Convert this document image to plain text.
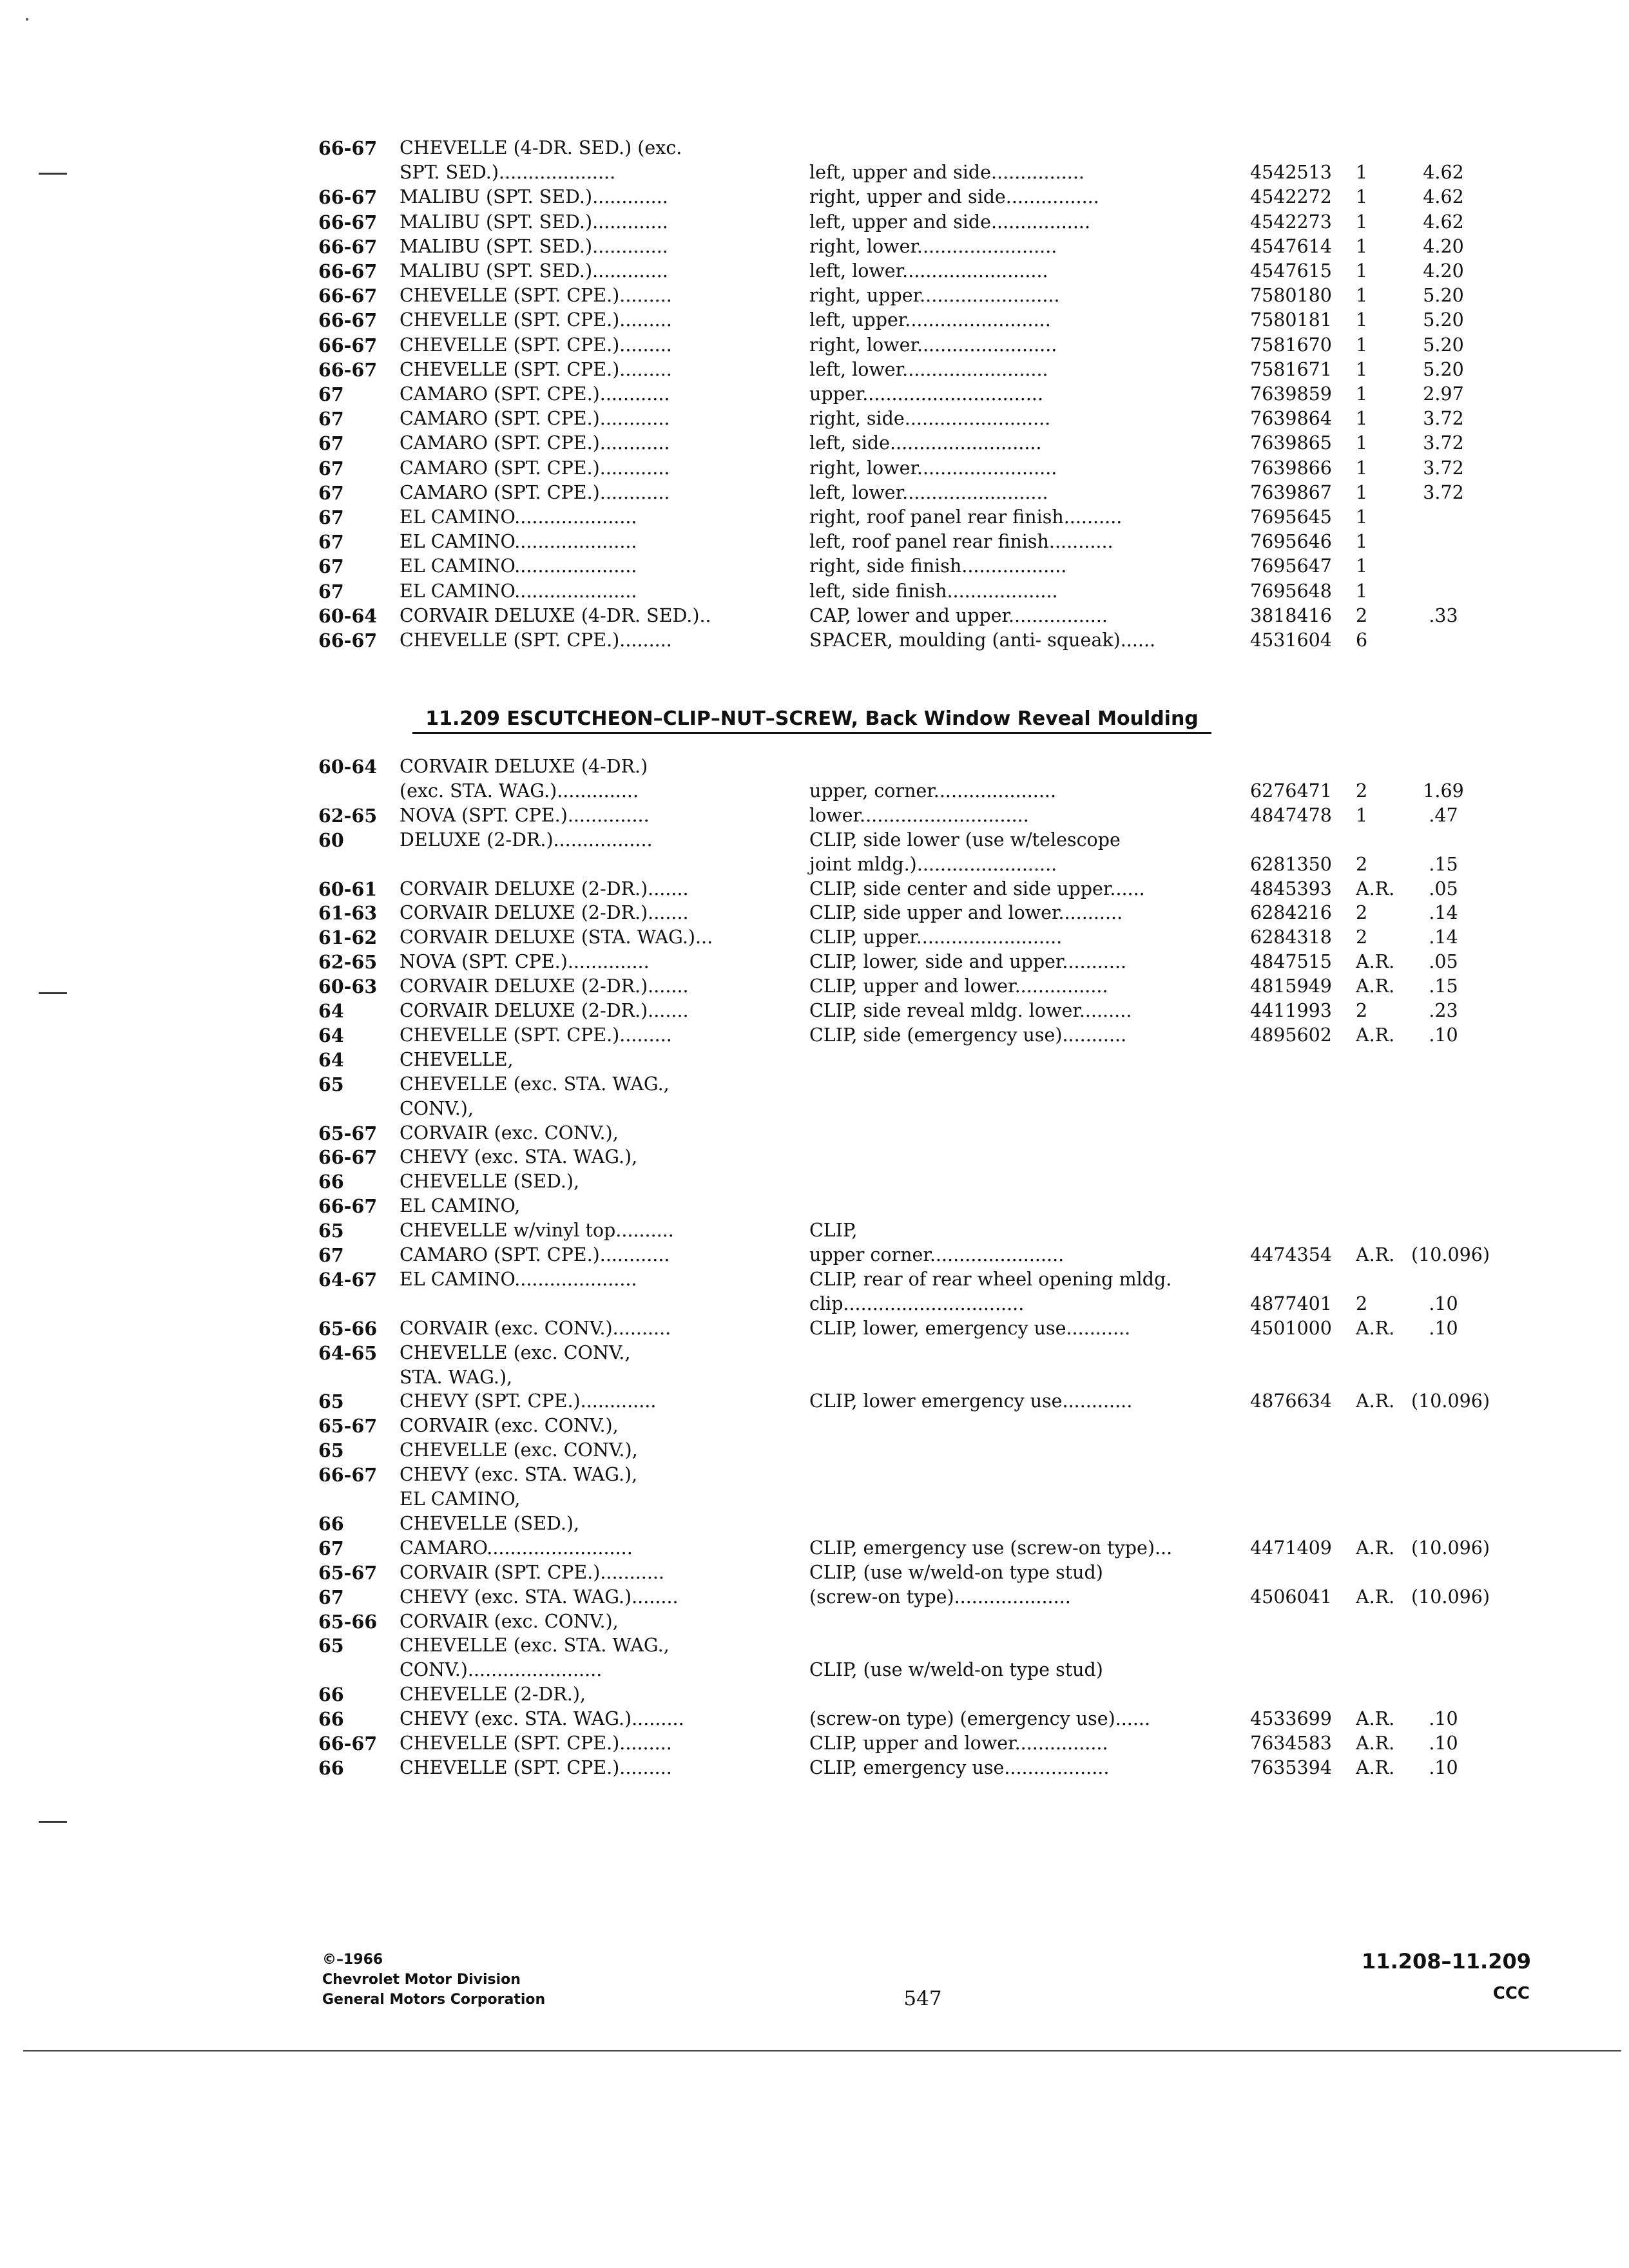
66-67	CHEVELLE (4-DR. SED.) (exc.
SPT. SED.)....................	left, upper and side................	4542513	1	4.62
66-67	MALIBU (SPT. SED.).............	right, upper and side................	4542272	1	4.62
66-67	MALIBU (SPT. SED.).............	left, upper and side.................	4542273	1	4.62
66-67	MALIBU (SPT. SED.).............	right, lower........................	4547614	1	4.20
66-67	MALIBU (SPT. SED.).............	left, lower.........................	4547615	1	4.20
66-67	CHEVELLE (SPT. CPE.).........	right, upper........................	7580180	1	5.20
66-67	CHEVELLE (SPT. CPE.).........	left, upper.........................	7580181	1	5.20
66-67	CHEVELLE (SPT. CPE.).........	right, lower........................	7581670	1	5.20
66-67	CHEVELLE (SPT. CPE.).........	left, lower.........................	7581671	1	5.20
67	CAMARO (SPT. CPE.)............	upper...............................	7639859	1	2.97
67	CAMARO (SPT. CPE.)............	right, side.........................	7639864	1	3.72
67	CAMARO (SPT. CPE.)............	left, side..........................	7639865	1	3.72
67	CAMARO (SPT. CPE.)............	right, lower........................	7639866	1	3.72
67	CAMARO (SPT. CPE.)............	left, lower.........................	7639867	1	3.72
67	EL CAMINO.....................	right, roof panel rear finish..........	7695645	1
67	EL CAMINO.....................	left, roof panel rear finish...........	7695646	1
67	EL CAMINO.....................	right, side finish..................	7695647	1
67	EL CAMINO.....................	left, side finish...................	7695648	1
60-64	CORVAIR DELUXE (4-DR. SED.)..	CAP, lower and upper.................	3818416	2	.33
66-67	CHEVELLE (SPT. CPE.).........	SPACER, moulding (anti- squeak)......	4531604	6
11.209 ESCUTCHEON–CLIP–NUT–SCREW, Back Window Reveal Moulding
60-64	CORVAIR DELUXE (4-DR.)
(exc. STA. WAG.)..............	upper, corner.....................	6276471	2	1.69
62-65	NOVA (SPT. CPE.)..............	lower.............................	4847478	1	.47
60	DELUXE (2-DR.).................	CLIP, side lower (use w/telescope
joint mldg.)........................	6281350	2	.15
60-61	CORVAIR DELUXE (2-DR.).......	CLIP, side center and side upper......	4845393	A.R.	.05
61-63	CORVAIR DELUXE (2-DR.).......	CLIP, side upper and lower...........	6284216	2	.14
61-62	CORVAIR DELUXE (STA. WAG.)...	CLIP, upper.........................	6284318	2	.14
62-65	NOVA (SPT. CPE.)..............	CLIP, lower, side and upper...........	4847515	A.R.	.05
60-63	CORVAIR DELUXE (2-DR.).......	CLIP, upper and lower................	4815949	A.R.	.15
64	CORVAIR DELUXE (2-DR.).......	CLIP, side reveal mldg. lower.........	4411993	2	.23
64	CHEVELLE (SPT. CPE.).........	CLIP, side (emergency use)...........	4895602	A.R.	.10
64	CHEVELLE,
65	CHEVELLE (exc. STA. WAG.,
CONV.),
65-67	CORVAIR (exc. CONV.),
66-67	CHEVY (exc. STA. WAG.),
66	CHEVELLE (SED.),
66-67	EL CAMINO,
65	CHEVELLE w/vinyl top..........	CLIP,
67	CAMARO (SPT. CPE.)............	upper corner.......................	4474354	A.R. (10.096)
64-67	EL CAMINO.....................	CLIP, rear of rear wheel opening mldg.
clip...............................	4877401	2	.10
65-66	CORVAIR (exc. CONV.)..........	CLIP, lower, emergency use...........	4501000	A.R.	.10
64-65	CHEVELLE (exc. CONV.,
STA. WAG.),
65	CHEVY (SPT. CPE.).............	CLIP, lower emergency use............	4876634	A.R. (10.096)
65-67	CORVAIR (exc. CONV.),
65	CHEVELLE (exc. CONV.),
66-67	CHEVY (exc. STA. WAG.),
EL CAMINO,
66	CHEVELLE (SED.),
67	CAMARO.........................	CLIP, emergency use (screw-on type)...	4471409	A.R. (10.096)
65-67	CORVAIR (SPT. CPE.)...........	CLIP, (use w/weld-on type stud)
67	CHEVY (exc. STA. WAG.)........	(screw-on type)....................	4506041	A.R. (10.096)
65-66	CORVAIR (exc. CONV.),
65	CHEVELLE (exc. STA. WAG.,
CONV.).......................	CLIP, (use w/weld-on type stud)
66	CHEVELLE (2-DR.),
66	CHEVY (exc. STA. WAG.).........	(screw-on type) (emergency use)......	4533699	A.R.	.10
66-67	CHEVELLE (SPT. CPE.).........	CLIP, upper and lower................	7634583	A.R.	.10
66	CHEVELLE (SPT. CPE.).........	CLIP, emergency use..................	7635394	A.R.	.10
©–1966
Chevrolet Motor Division
General Motors Corporation	547
11.208–11.209
CCC
